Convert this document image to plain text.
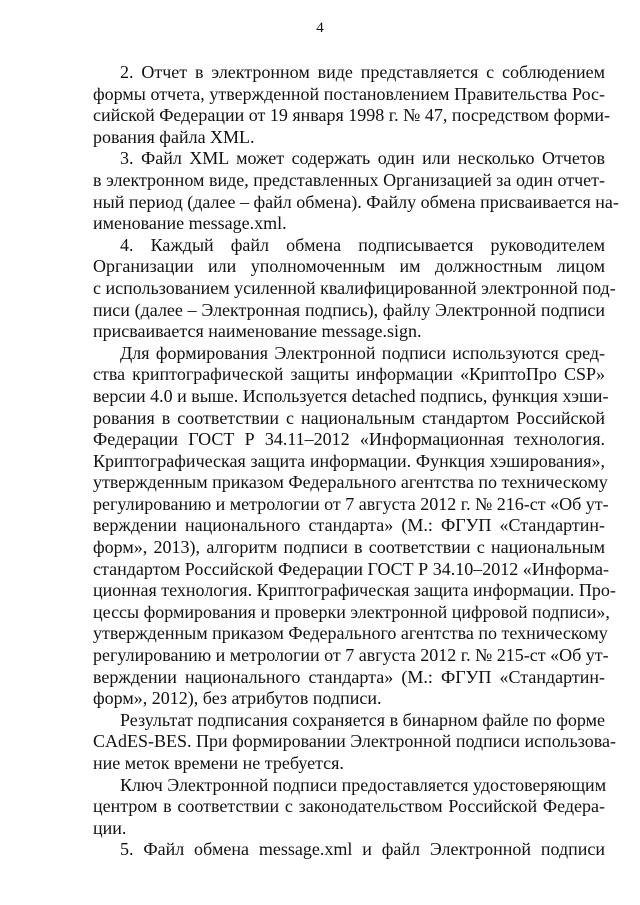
4
2. Отчет в электронном виде представляется с соблюдением
формы отчета, утвержденной постановлением Правительства Рос-
сийской Федерации от 19 января 1998 г. № 47, посредством форми-
рования файла XML.
3. Файл XML может содержать один или несколько Отчетов
в электронном виде, представленных Организацией за один отчет-
ный период (далее – файл обмена). Файлу обмена присваивается на-
именование message.xml.
4. Каждый файл обмена подписывается руководителем
Организации или уполномоченным им должностным лицом
с использованием усиленной квалифицированной электронной под-
писи (далее – Электронная подпись), файлу Электронной подписи
присваивается наименование message.sign.
Для формирования Электронной подписи используются сред-
ства криптографической защиты информации «КриптоПро CSP»
версии 4.0 и выше. Используется detached подпись, функция хэши-
рования в соответствии с национальным стандартом Российской
Федерации ГОСТ Р 34.11–2012 «Информационная технология.
Криптографическая защита информации. Функция хэширования»,
утвержденным приказом Федерального агентства по техническому
регулированию и метрологии от 7 августа 2012 г. № 216-ст «Об ут-
верждении национального стандарта» (М.: ФГУП «Стандартин-
форм», 2013), алгоритм подписи в соответствии с национальным
стандартом Российской Федерации ГОСТ Р 34.10–2012 «Информа-
ционная технология. Криптографическая защита информации. Про-
цессы формирования и проверки электронной цифровой подписи»,
утвержденным приказом Федерального агентства по техническому
регулированию и метрологии от 7 августа 2012 г. № 215-ст «Об ут-
верждении национального стандарта» (М.: ФГУП «Стандартин-
форм», 2012), без атрибутов подписи.
Результат подписания сохраняется в бинарном файле по форме
CAdES-BES. При формировании Электронной подписи использова-
ние меток времени не требуется.
Ключ Электронной подписи предоставляется удостоверяющим
центром в соответствии с законодательством Российской Федера-
ции.
5. Файл обмена message.xml и файл Электронной подписи
